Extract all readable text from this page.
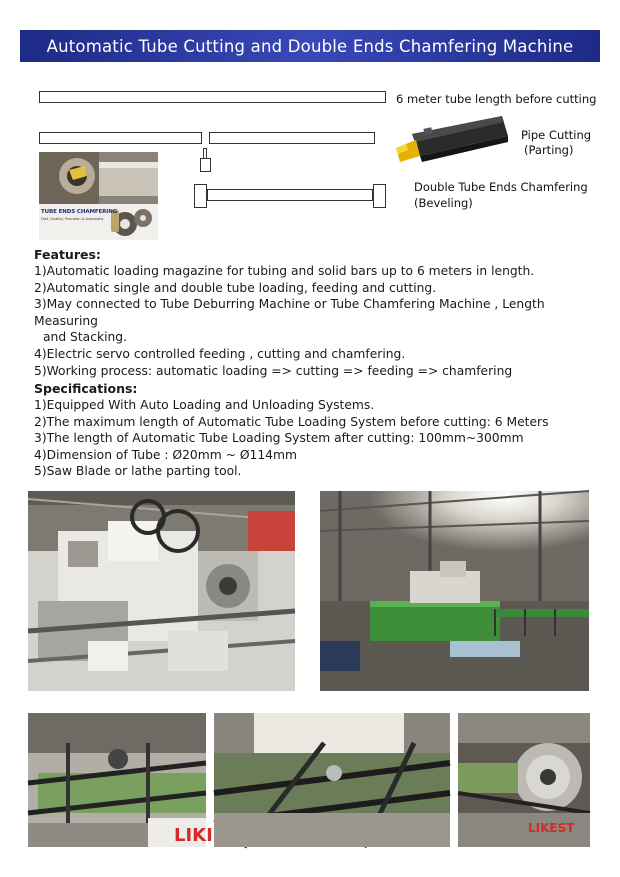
Automatic Tube Cutting and Double Ends Chamfering Machine
6 meter tube length before cutting
Pipe Cutting
(Parting)
Double Tube Ends Chamfering
(Beveling)
TUBE ENDS CHAMFERING
Fast, Quality, Precision & Automatic
Features:
1)Automatic loading magazine for tubing and solid bars up to 6 meters in length.
2)Automatic single and double tube loading, feeding and cutting.
3)May connected to Tube Deburring Machine or Tube Chamfering Machine , Length Measuring
and Stacking.
4)Electric servo controlled feeding , cutting and chamfering.
5)Working process: automatic loading => cutting => feeding => chamfering
Specifications:
1)Equipped With Auto Loading and Unloading Systems.
2)The maximum length of Automatic Tube Loading System before cutting: 6 Meters
3)The length of Automatic Tube Loading System after cutting: 100mm~300mm
4)Dimension of Tube : Ø20mm ~ Ø114mm
5)Saw Blade or lathe parting tool.
LIKI	LIKEST
